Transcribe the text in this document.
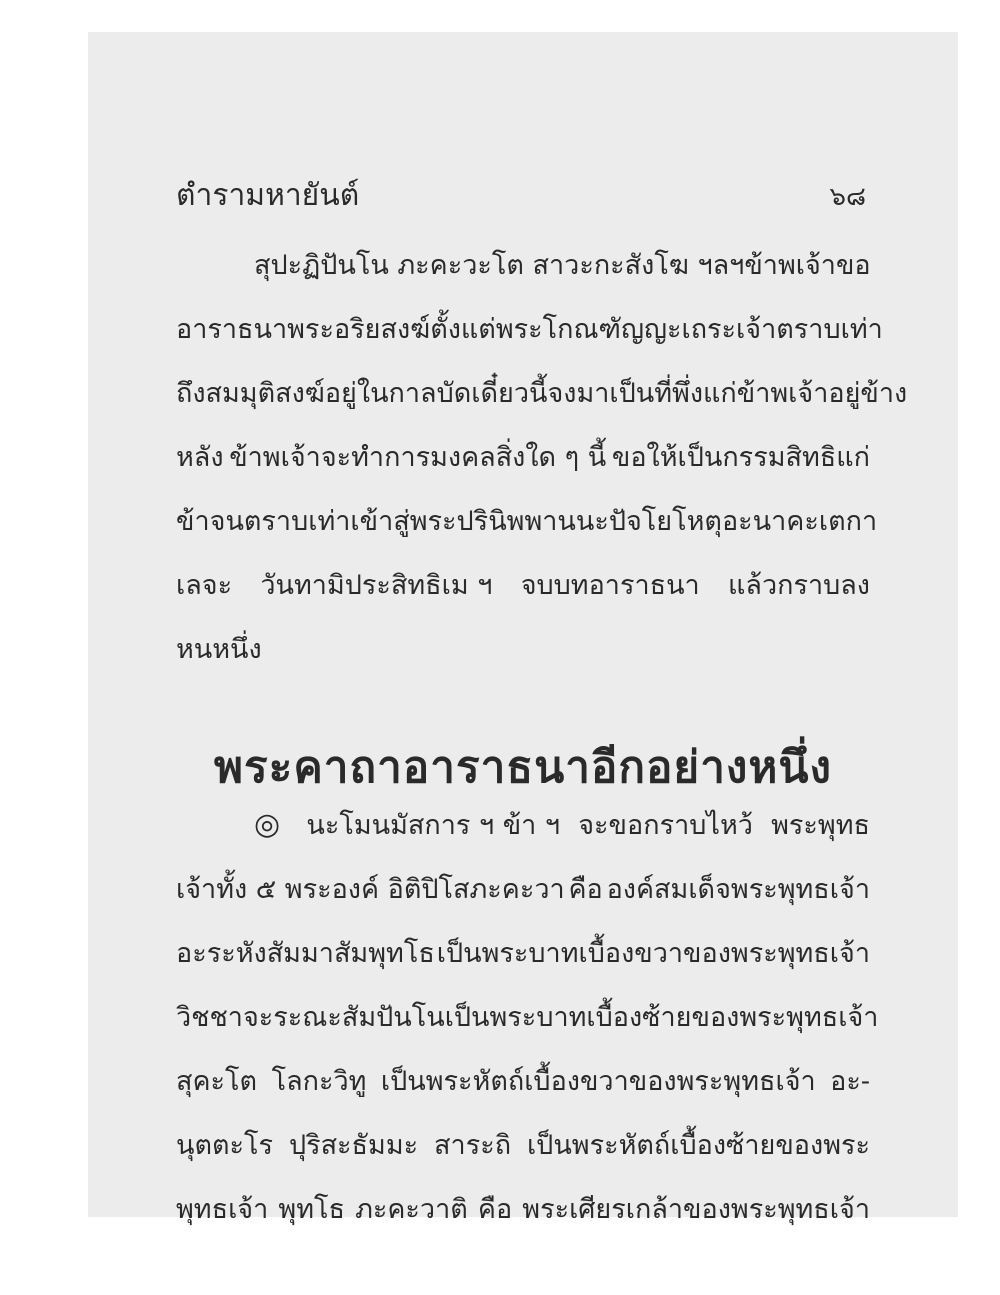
ตำรามหายันต์	๖๘
สุปะฏิปันโน ภะคะวะโต สาวะกะสังโฆ ฯลฯ ข้าพเจ้าขอ
อาราธนาพระอริยสงฆ์ ตั้งแต่พระโกณฑัญญะเถระเจ้า ตราบเท่า
ถึงสมมุติสงฆ์อยู่ในกาลบัดเดี๋ยวนี้ จงมาเป็นที่พึ่งแก่ข้าพเจ้าอยู่ข้าง
หลัง ข้าพเจ้าจะทำการมงคลสิ่งใด ๆ นี้ ขอให้เป็นกรรมสิทธิแก่
ข้าจนตราบเท่าเข้าสู่พระปรินิพพาน นะปัจโยโหตุ อะนาคะเตกา
เลจะ วันทามิประสิทธิเม ฯ จบบทอาราธนา แล้วกราบลง
หนหนึ่ง
พระคาถาอาราธนาอีกอย่างหนึ่ง
◎ นะโมนมัสการ ฯ ข้า ฯ จะขอกราบไหว้ พระพุทธ
เจ้าทั้ง ๕ พระองค์ อิติปิโสภะคะวา คือ องค์สมเด็จพระพุทธเจ้า
อะระหังสัมมาสัมพุทโธ เป็นพระบาทเบื้องขวาของพระพุทธเจ้า
วิชชาจะระณะสัมปันโน เป็นพระบาทเบื้องซ้ายของพระพุทธเจ้า
สุคะโต โลกะวิทู เป็นพระหัตถ์เบื้องขวาของพระพุทธเจ้า อะ-
นุตตะโร ปุริสะธัมมะ สาระถิ เป็นพระหัตถ์เบื้องซ้ายของพระ
พุทธเจ้า พุทโธ ภะคะวาติ คือ พระเศียรเกล้าของพระพุทธเจ้า
